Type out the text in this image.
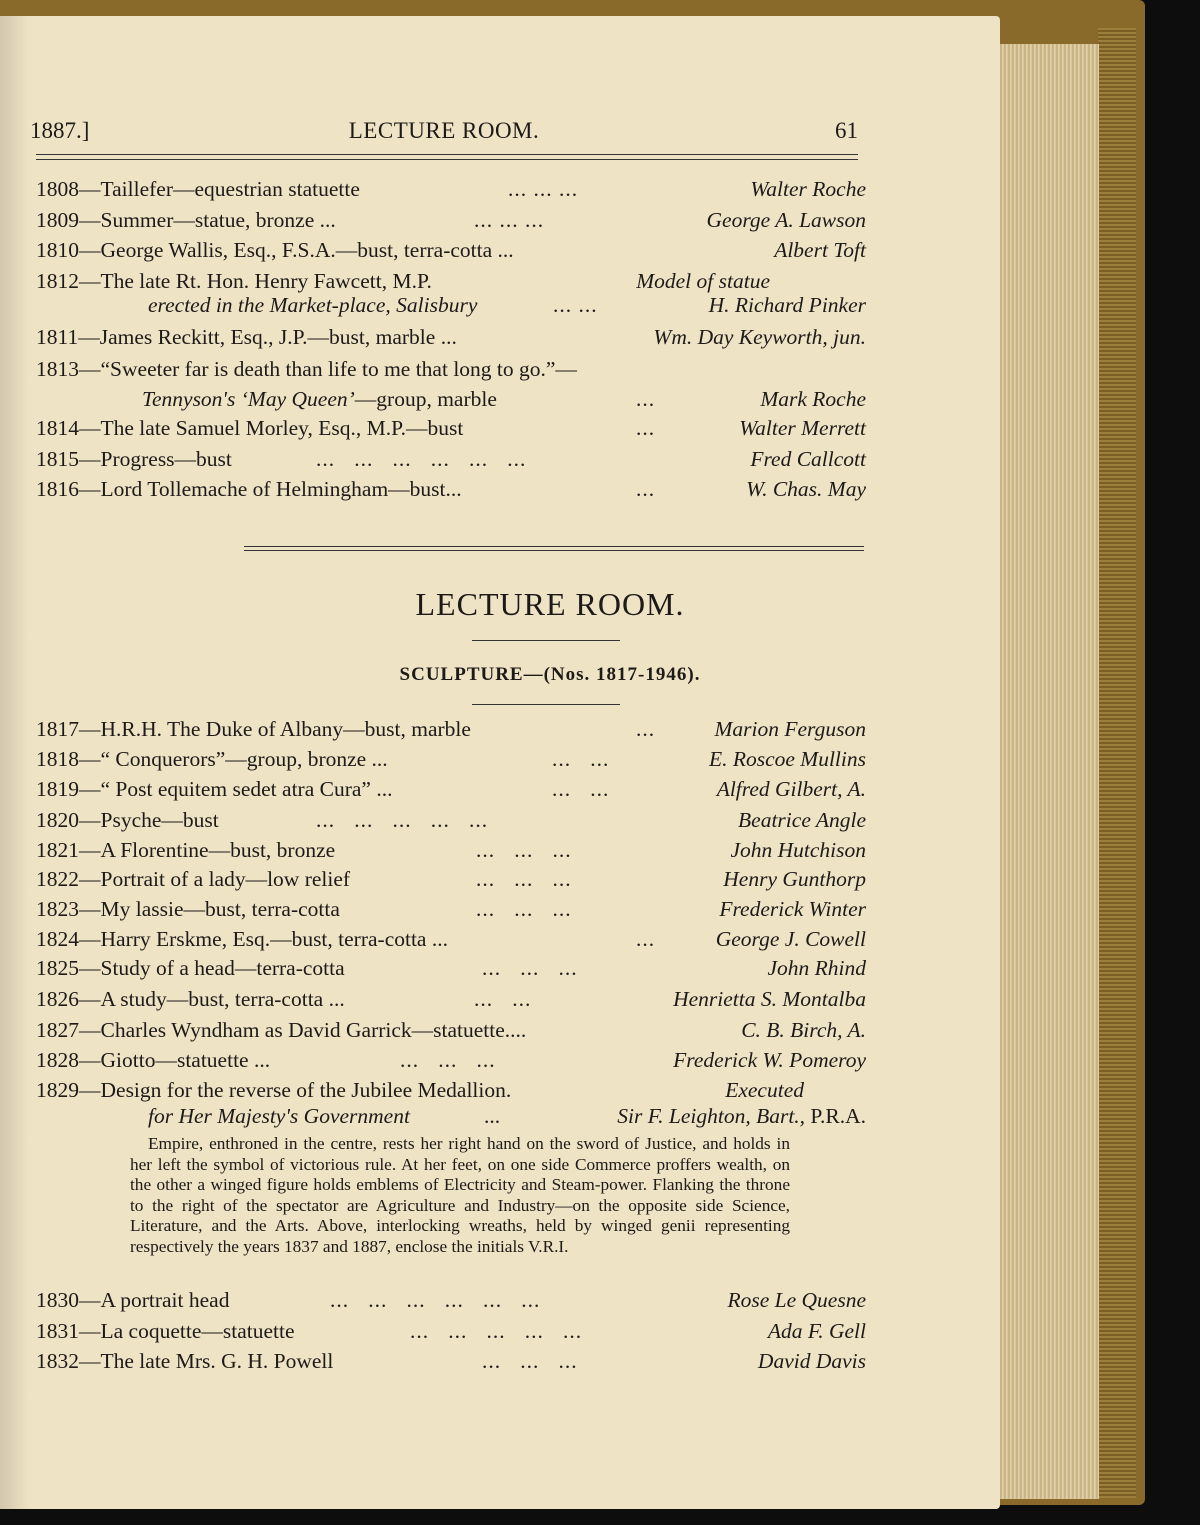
1887.]	LECTURE ROOM.	61
1808—Taillefer—equestrian statuette	... ... ...	Walter Roche
1809—Summer—statue, bronze ...	... ... ...	George A. Lawson
1810—George Wallis, Esq., F.S.A.—bust, terra-cotta ...	Albert Toft
1812—The late Rt. Hon. Henry Fawcett, M.P.	Model of statue
erected in the Market-place, Salisbury	... ...	H. Richard Pinker
1811—James Reckitt, Esq., J.P.—bust, marble ...	Wm. Day Keyworth, jun.
1813—“Sweeter far is death than life to me that long to go.”—
Tennyson's ‘May Queen’—group, marble	...	Mark Roche
1814—The late Samuel Morley, Esq., M.P.—bust	...	Walter Merrett
1815—Progress—bust	...   ...   ...   ...   ...   ...	Fred Callcott
1816—Lord Tollemache of Helmingham—bust...	...	W. Chas. May
LECTURE ROOM.
SCULPTURE—(Nos. 1817-1946).
1817—H.R.H. The Duke of Albany—bust, marble	...	Marion Ferguson
1818—“ Conquerors”—group, bronze ...	...   ...	E. Roscoe Mullins
1819—“ Post equitem sedet atra Cura” ...	...   ...	Alfred Gilbert, A.
1820—Psyche—bust	...   ...   ...   ...   ...	Beatrice Angle
1821—A Florentine—bust, bronze	...   ...   ...	John Hutchison
1822—Portrait of a lady—low relief	...   ...   ...	Henry Gunthorp
1823—My lassie—bust, terra-cotta	...   ...   ...	Frederick Winter
1824—Harry Erskme, Esq.—bust, terra-cotta ...	...	George J. Cowell
1825—Study of a head—terra-cotta	...   ...   ...	John Rhind
1826—A study—bust, terra-cotta ...	...   ...	Henrietta S. Montalba
1827—Charles Wyndham as David Garrick—statuette....	C. B. Birch, A.
1828—Giotto—statuette ...	...   ...   ...	Frederick W. Pomeroy
1829—Design for the reverse of the Jubilee Medallion.	Executed
for Her Majesty's Government	...	Sir F. Leighton, Bart., P.R.A.

Empire, enthroned in the centre, rests her right hand on the sword of Justice, and holds in her left the symbol of victorious rule. At her feet, on one side Commerce proffers wealth, on the other a winged figure holds emblems of Electricity and Steam-power. Flanking the throne to the right of the spectator are Agriculture and Industry—on the opposite side Science, Literature, and the Arts. Above, interlocking wreaths, held by winged genii representing respectively the years 1837 and 1887, enclose the initials V.R.I.

1830—A portrait head	...   ...   ...   ...   ...   ...	Rose Le Quesne
1831—La coquette—statuette	...   ...   ...   ...   ...	Ada F. Gell
1832—The late Mrs. G. H. Powell	...   ...   ...	David Davis
